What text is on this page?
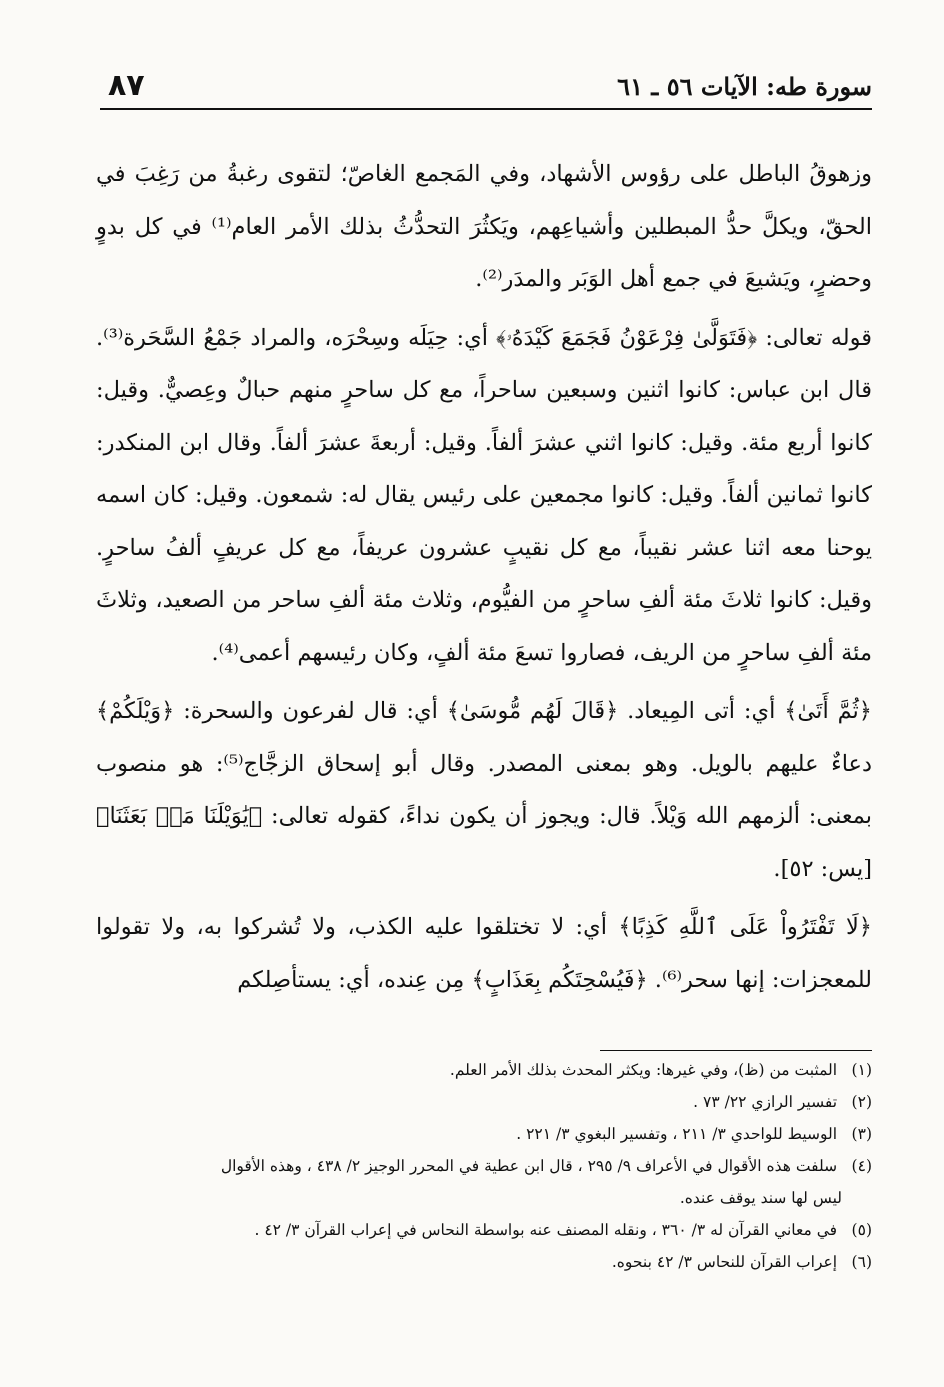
سورة طه: الآيات ٥٦ ـ ٦١
٨٧

وزهوقُ الباطل على رؤوس الأشهاد، وفي المَجمع الغاصّ؛ لتقوى رغبةُ من رَغِبَ في الحقّ، ويكلَّ حدُّ المبطلين وأشياعِهم، ويَكثُرَ التحدُّثُ بذلك الأمر العام⁽¹⁾ في كل بدوٍ وحضرٍ، ويَشيعَ في جمع أهل الوَبَر والمدَر⁽²⁾.

قوله تعالى: ﴿فَتَوَلَّىٰ فِرْعَوْنُ فَجَمَعَ كَيْدَهُۥ﴾ أي: حِيَلَه وسِحْرَه، والمراد جَمْعُ السَّحَرة⁽³⁾. قال ابن عباس: كانوا اثنين وسبعين ساحراً، مع كل ساحرٍ منهم حبالٌ وعِصيٌّ. وقيل: كانوا أربع مئة. وقيل: كانوا اثني عشرَ ألفاً. وقيل: أربعةَ عشرَ ألفاً. وقال ابن المنكدر: كانوا ثمانين ألفاً. وقيل: كانوا مجمعين على رئيس يقال له: شمعون. وقيل: كان اسمه يوحنا معه اثنا عشر نقيباً، مع كل نقيبٍ عشرون عريفاً، مع كل عريفٍ ألفُ ساحرٍ. وقيل: كانوا ثلاثَ مئة ألفِ ساحرٍ من الفيُّوم، وثلاث مئة ألفِ ساحر من الصعيد، وثلاثَ مئة ألفِ ساحرٍ من الريف، فصاروا تسعَ مئة ألفٍ، وكان رئيسهم أعمى⁽⁴⁾.

﴿ثُمَّ أَتَىٰ﴾ أي: أتى المِيعاد. ﴿قَالَ لَهُم مُّوسَىٰ﴾ أي: قال لفرعون والسحرة: ﴿وَيْلَكُمْ﴾ دعاءٌ عليهم بالويل. وهو بمعنى المصدر. وقال أبو إسحاق الزجَّاج⁽⁵⁾: هو منصوب بمعنى: ألزمهم الله وَيْلاً. قال: ويجوز أن يكون نداءً، كقوله تعالى: ﴿يَٰوَيْلَنَا مَنۢ بَعَثَنَا﴾ [يس: ٥٢].

﴿لَا تَفْتَرُواْ عَلَى ٱللَّهِ كَذِبًا﴾ أي: لا تختلقوا عليه الكذب، ولا تُشركوا به، ولا تقولوا للمعجزات: إنها سحر⁽⁶⁾. ﴿فَيُسْحِتَكُم بِعَذَابٍ﴾ مِن عِنده، أي: يستأصِلكم

(١) المثبت من (ظ)، وفي غيرها: ويكثر المحدث بذلك الأمر العلم.
(٢) تفسير الرازي ٢٢/ ٧٣ .
(٣) الوسيط للواحدي ٣/ ٢١١ ، وتفسير البغوي ٣/ ٢٢١ .
(٤) سلفت هذه الأقوال في الأعراف ٩/ ٢٩٥ ، قال ابن عطية في المحرر الوجيز ٢/ ٤٣٨ ، وهذه الأقوال
ليس لها سند يوقف عنده.
(٥) في معاني القرآن له ٣/ ٣٦٠ ، ونقله المصنف عنه بواسطة النحاس في إعراب القرآن ٣/ ٤٢ .
(٦) إعراب القرآن للنحاس ٣/ ٤٢ بنحوه.
